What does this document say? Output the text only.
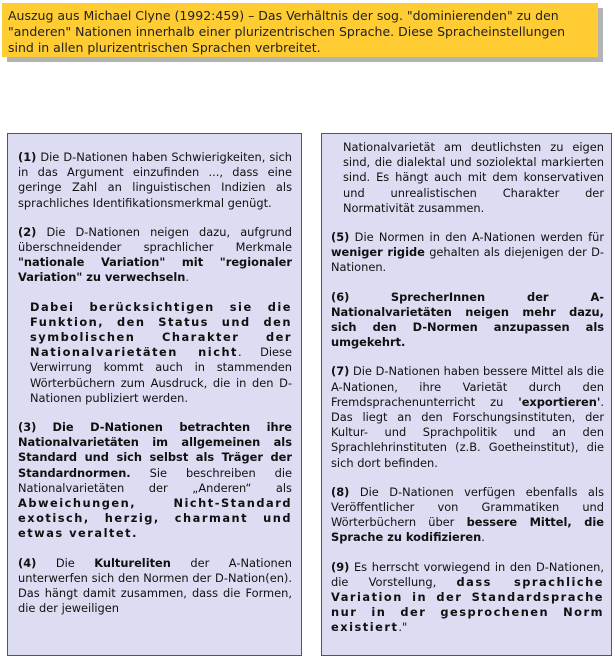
Auszug aus Michael Clyne (1992:459) – Das Verhältnis der sog. "dominierenden" zu den "anderen" Nationen innerhalb einer plurizentrischen Sprache. Diese Spracheinstellungen sind in allen plurizentrischen Sprachen verbreitet.

(1) Die D-Nationen haben Schwierigkeiten, sich in das Argument einzufinden ..., dass eine geringe Zahl an linguistischen Indizien als sprachliches Identifikationsmerkmal genügt.

(2) Die D-Nationen neigen dazu, aufgrund überschneidender sprachlicher Merkmale "nationale Variation" mit "regionaler Variation" zu verwechseln.

Dabei berücksichtigen sie die Funktion, den Status und den symbolischen Charakter der Nationalvarietäten nicht. Diese Verwirrung kommt auch in stammenden Wörterbüchern zum Ausdruck, die in den D-Nationen publiziert werden.

(3) Die D-Nationen betrachten ihre Nationalvarietäten im allgemeinen als Standard und sich selbst als Träger der Standardnormen. Sie beschreiben die Nationalvarietäten der „Anderen“ als Abweichungen, Nicht-Standard exotisch, herzig, charmant und etwas veraltet.

(4) Die Kultureliten der A-Nationen unterwerfen sich den Normen der D-Nation(en). Das hängt damit zusammen, dass die Formen, die der jeweiligen

Nationalvarietät am deutlichsten zu eigen sind, die dialektal und soziolektal markierten sind. Es hängt auch mit dem konservativen und unrealistischen Charakter der Normativität zusammen.

(5) Die Normen in den A-Nationen werden für weniger rigide gehalten als diejenigen der D-Nationen.

(6)	SprecherInnen der A-Nationalvarietäten neigen mehr dazu, sich den D-Normen anzupassen als umgekehrt.

(7) Die D-Nationen haben bessere Mittel als die A-Nationen, ihre Varietät durch den Fremdsprachenunterricht zu 'exportieren'. Das liegt an den Forschungsinstituten, der Kultur- und Sprachpolitik und an den Sprachlehrinstituten (z.B. Goetheinstitut), die sich dort befinden.

(8) Die D-Nationen verfügen ebenfalls als Veröffentlicher von Grammatiken und Wörterbüchern über bessere Mittel, die Sprache zu kodifizieren.

(9) Es herrscht vorwiegend in den D-Nationen, die Vorstellung, dass sprachliche Variation in der Standardsprache nur in der gesprochenen Norm existiert."
